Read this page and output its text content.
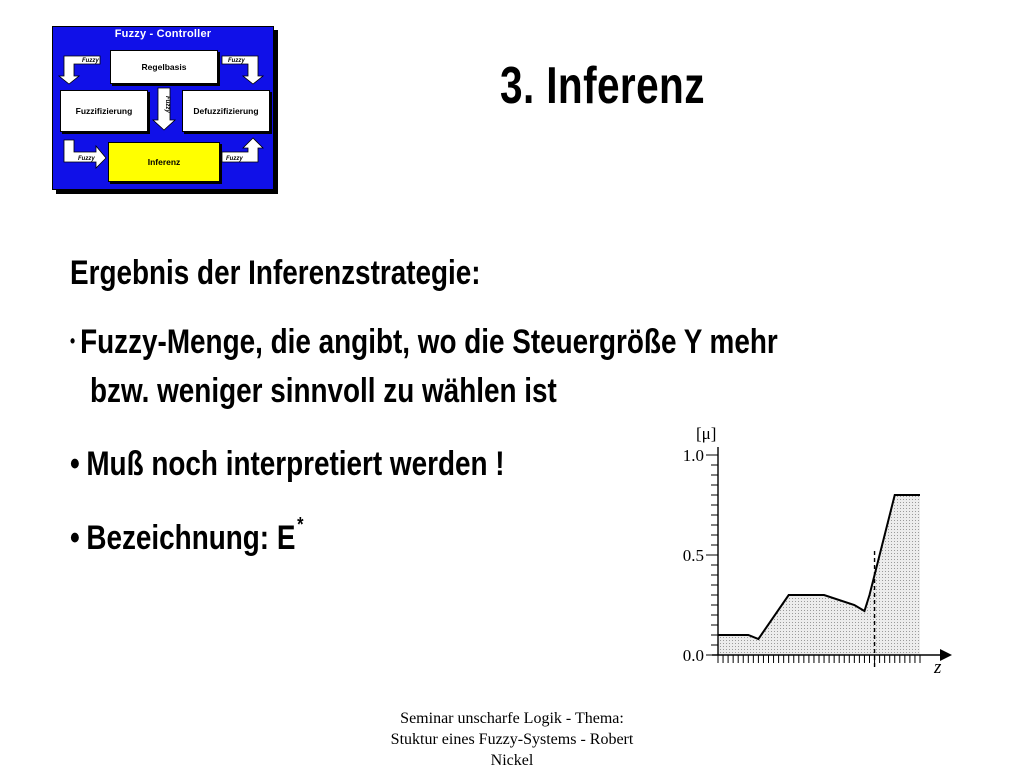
Fuzzy - Controller
Fuzzy	Fuzzy
Fuzzy	Fuzzy
Fuzzy
Regelbasis
Fuzzifizierung	Defuzzifizierung
Inferenz
3. Inferenz
Ergebnis der Inferenzstrategie:
• Fuzzy-Menge, die angibt, wo die Steuergröße Y mehr
bzw. weniger sinnvoll zu wählen ist
• Muß noch interpretiert werden !
• Bezeichnung: E*
0.0
0.5
1.0
[μ]
z
Seminar unscharfe Logik - Thema:
Stuktur eines Fuzzy-Systems - Robert
Nickel
